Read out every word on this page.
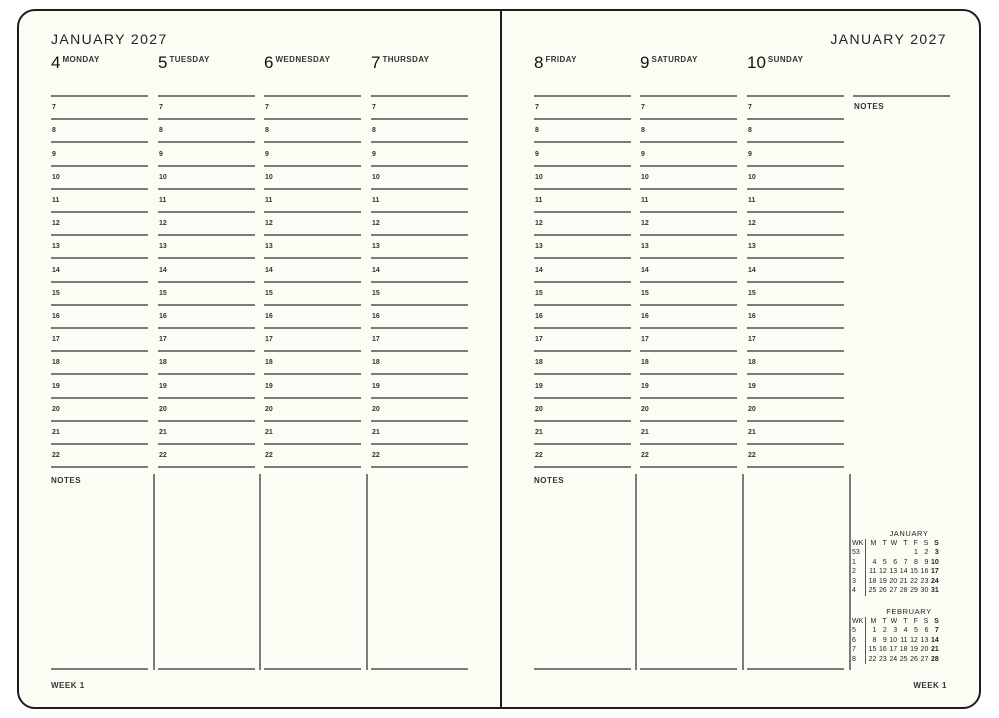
JANUARY 2027	JANUARY 2027
4 $^{MONDAY}$
7
8
9
10
11
12
13
14
15
16
17
18
19
20
21
22
NOTES
5 $^{TUESDAY}$
7
8
9
10
11
12
13
14
15
16
17
18
19
20
21
22
6 $^{WEDNESDAY}$
7
8
9
10
11
12
13
14
15
16
17
18
19
20
21
22
7 $^{THURSDAY}$
7
8
9
10
11
12
13
14
15
16
17
18
19
20
21
22
8 $^{FRIDAY}$
7
8
9
10
11
12
13
14
15
16
17
18
19
20
21
22
NOTES
9 $^{SATURDAY}$
7
8
9
10
11
12
13
14
15
16
17
18
19
20
21
22
10 $^{SUNDAY}$
7
8
9
10
11
12
13
14
15
16
17
18
19
20
21
22
NOTES
JANUARY
WK	M	T	W	T	F	S	S
53					1	2	3
1	4	5	6	7	8	9	10
2	11	12	13	14	15	16	17
3	18	19	20	21	22	23	24
4	25	26	27	28	29	30	31
FEBRUARY
WK	M	T	W	T	F	S	S
5	1	2	3	4	5	6	7
6	8	9	10	11	12	13	14
7	15	16	17	18	19	20	21
8	22	23	24	25	26	27	28
WEEK 1	WEEK 1
